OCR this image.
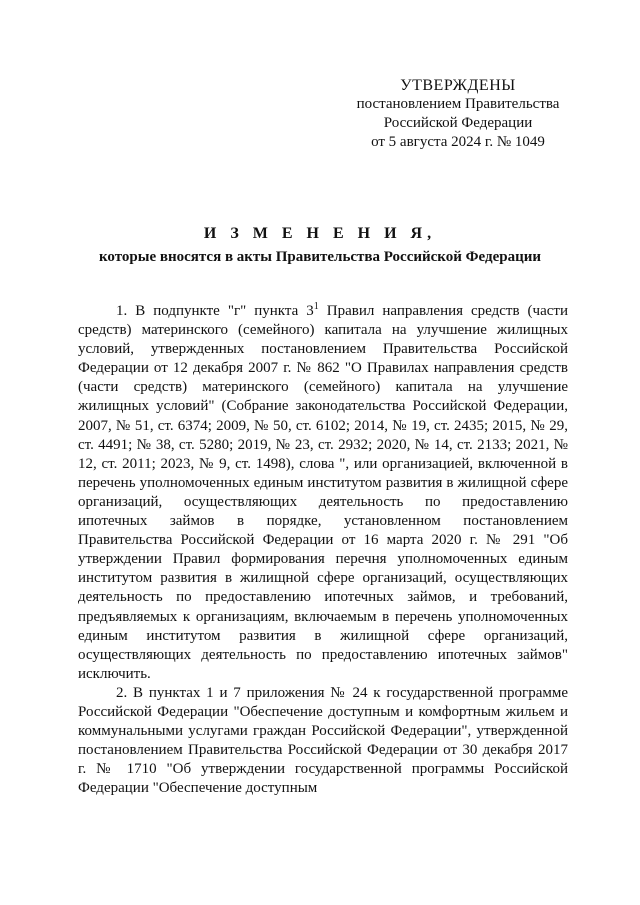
УТВЕРЖДЕНЫ
постановлением Правительства
Российской Федерации
от 5 августа 2024 г. № 1049
И З М Е Н Е Н И Я,
которые вносятся в акты Правительства Российской Федерации

1. В подпункте "г" пункта $3^1$ Правил направления средств (части средств) материнского (семейного) капитала на улучшение жилищных условий, утвержденных постановлением Правительства Российской Федерации от 12 декабря 2007 г. № 862 "О Правилах направления средств (части средств) материнского (семейного) капитала на улучшение жилищных условий" (Собрание законодательства Российской Федерации, 2007, № 51, ст. 6374; 2009, № 50, ст. 6102; 2014, № 19, ст. 2435; 2015, № 29, ст. 4491; № 38, ст. 5280; 2019, № 23, ст. 2932; 2020, № 14, ст. 2133; 2021, № 12, ст. 2011; 2023, № 9, ст. 1498), слова ", или организацией, включенной в перечень уполномоченных единым институтом развития в жилищной сфере организаций, осуществляющих деятельность по предоставлению ипотечных займов в порядке, установленном постановлением Правительства Российской Федерации от 16 марта 2020 г. № 291 "Об утверждении Правил формирования перечня уполномоченных единым институтом развития в жилищной сфере организаций, осуществляющих деятельность по предоставлению ипотечных займов, и требований, предъявляемых к организациям, включаемым в перечень уполномоченных единым институтом развития в жилищной сфере организаций, осуществляющих деятельность по предоставлению ипотечных займов" исключить.

2. В пунктах 1 и 7 приложения № 24 к государственной программе Российской Федерации "Обеспечение доступным и комфортным жильем и коммунальными услугами граждан Российской Федерации", утвержденной постановлением Правительства Российской Федерации от 30 декабря 2017 г. № 1710 "Об утверждении государственной программы Российской Федерации "Обеспечение доступным
